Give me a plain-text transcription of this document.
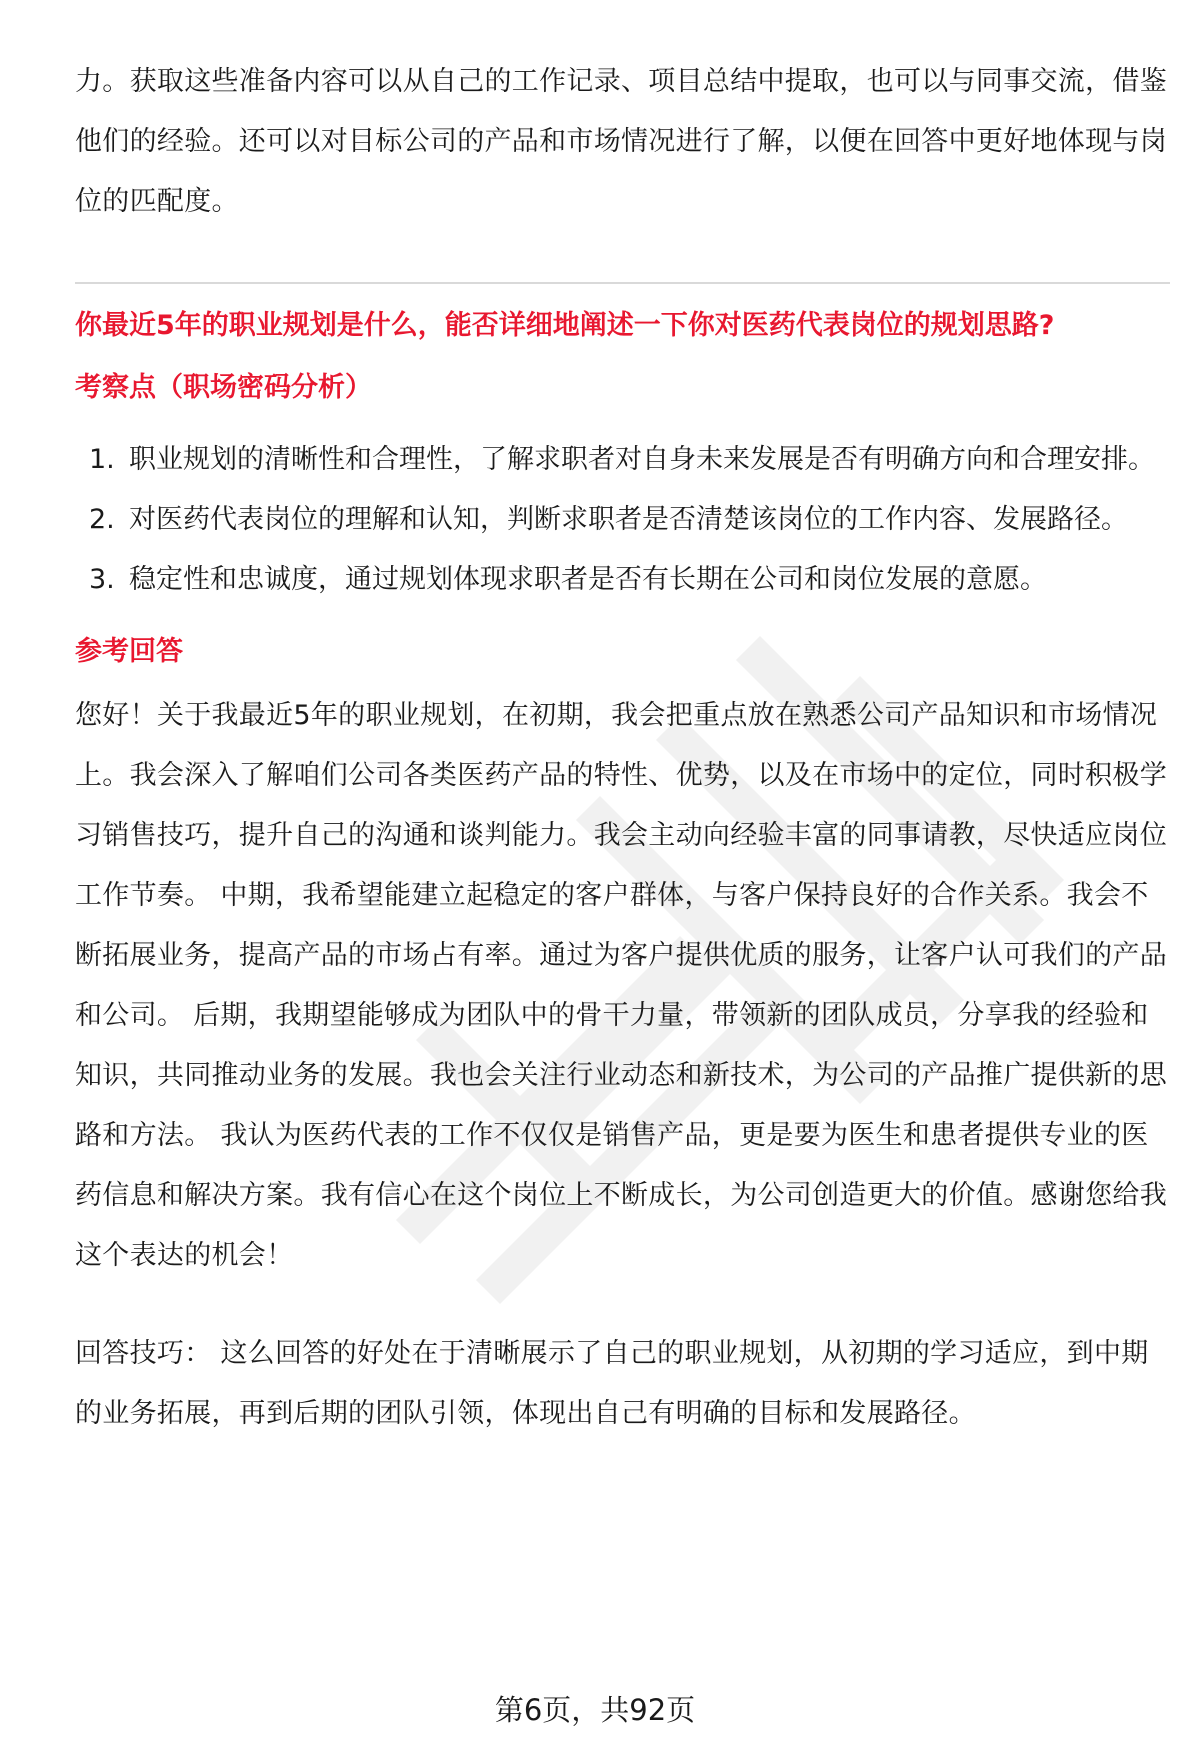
力。获取这些准备内容可以从自己的工作记录、项目总结中提取，也可以与同事交流，借鉴他们的经验。还可以对目标公司的产品和市场情况进行了解，以便在回答中更好地体现与岗位的匹配度。

你最近5年的职业规划是什么，能否详细地阐述一下你对医药代表岗位的规划思路?
考察点（职场密码分析）
1. 职业规划的清晰性和合理性，了解求职者对自身未来发展是否有明确方向和合理安排。
2. 对医药代表岗位的理解和认知，判断求职者是否清楚该岗位的工作内容、发展路径。
3. 稳定性和忠诚度，通过规划体现求职者是否有长期在公司和岗位发展的意愿。
参考回答

您好！关于我最近5年的职业规划，在初期，我会把重点放在熟悉公司产品知识和市场情况上。我会深入了解咱们公司各类医药产品的特性、优势，以及在市场中的定位，同时积极学习销售技巧，提升自己的沟通和谈判能力。我会主动向经验丰富的同事请教，尽快适应岗位工作节奏。 中期，我希望能建立起稳定的客户群体，与客户保持良好的合作关系。我会不断拓展业务，提高产品的市场占有率。通过为客户提供优质的服务，让客户认可我们的产品和公司。 后期，我期望能够成为团队中的骨干力量，带领新的团队成员，分享我的经验和知识，共同推动业务的发展。我也会关注行业动态和新技术，为公司的产品推广提供新的思路和方法。 我认为医药代表的工作不仅仅是销售产品，更是要为医生和患者提供专业的医药信息和解决方案。我有信心在这个岗位上不断成长，为公司创造更大的价值。感谢您给我这个表达的机会！

回答技巧： 这么回答的好处在于清晰展示了自己的职业规划，从初期的学习适应，到中期的业务拓展，再到后期的团队引领，体现出自己有明确的目标和发展路径。

第6页，共92页
